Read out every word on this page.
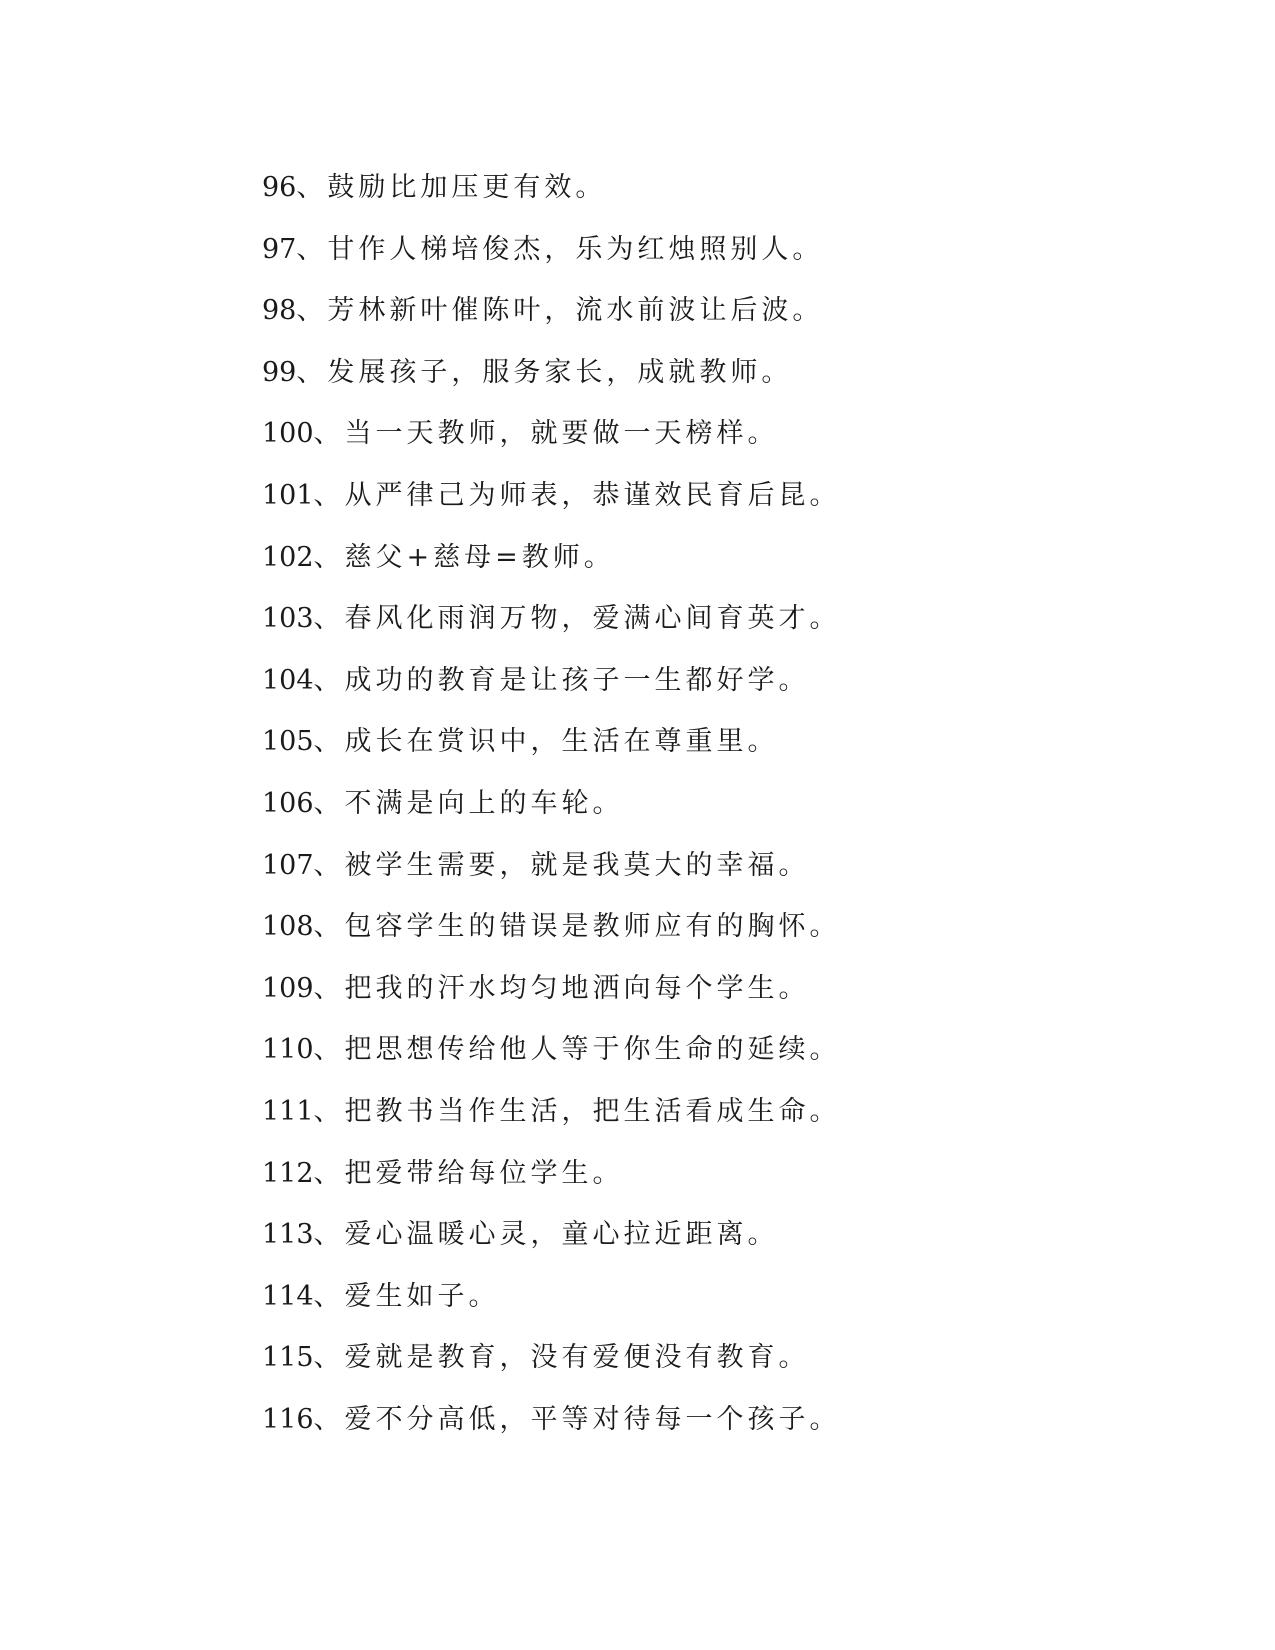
96、鼓励比加压更有效。
97、甘作人梯培俊杰，乐为红烛照别人。
98、芳林新叶催陈叶，流水前波让后波。
99、发展孩子，服务家长，成就教师。
100、当一天教师，就要做一天榜样。
101、从严律己为师表，恭谨效民育后昆。
102、慈父+慈母=教师。
103、春风化雨润万物，爱满心间育英才。
104、成功的教育是让孩子一生都好学。
105、成长在赏识中，生活在尊重里。
106、不满是向上的车轮。
107、被学生需要，就是我莫大的幸福。
108、包容学生的错误是教师应有的胸怀。
109、把我的汗水均匀地洒向每个学生。
110、把思想传给他人等于你生命的延续。
111、把教书当作生活，把生活看成生命。
112、把爱带给每位学生。
113、爱心温暖心灵，童心拉近距离。
114、爱生如子。
115、爱就是教育，没有爱便没有教育。
116、爱不分高低，平等对待每一个孩子。
